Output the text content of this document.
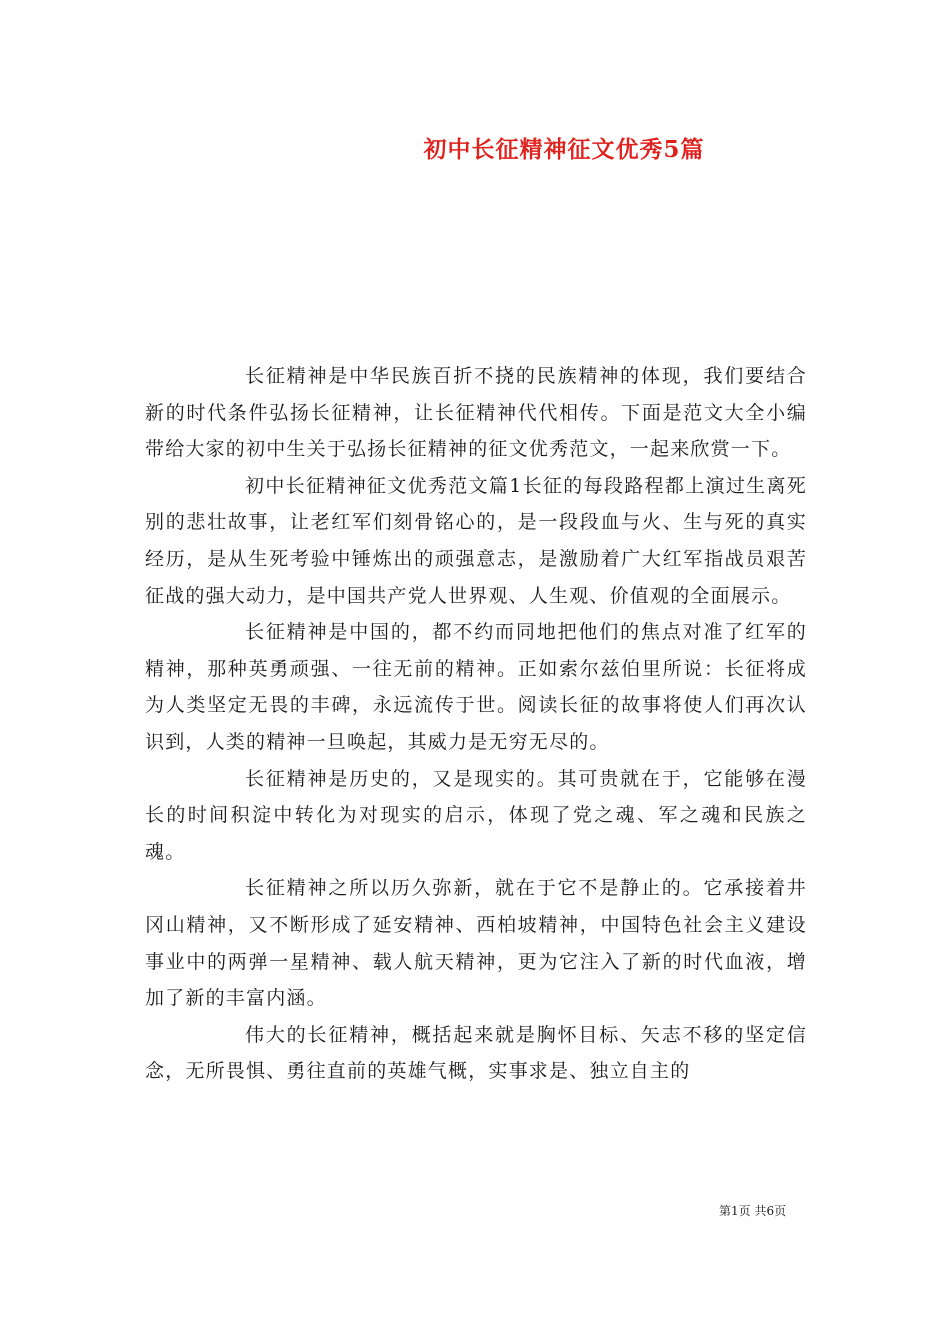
初中长征精神征文优秀5篇

长征精神是中华民族百折不挠的民族精神的体现，我们要结合新的时代条件弘扬长征精神，让长征精神代代相传。下面是范文大全小编带给大家的初中生关于弘扬长征精神的征文优秀范文，一起来欣赏一下。

初中长征精神征文优秀范文篇1长征的每段路程都上演过生离死别的悲壮故事，让老红军们刻骨铭心的，是一段段血与火、生与死的真实经历，是从生死考验中锤炼出的顽强意志，是激励着广大红军指战员艰苦征战的强大动力，是中国共产党人世界观、人生观、价值观的全面展示。

长征精神是中国的，都不约而同地把他们的焦点对准了红军的精神，那种英勇顽强、一往无前的精神。正如索尔兹伯里所说：长征将成为人类坚定无畏的丰碑，永远流传于世。阅读长征的故事将使人们再次认识到，人类的精神一旦唤起，其威力是无穷无尽的。

长征精神是历史的，又是现实的。其可贵就在于，它能够在漫长的时间积淀中转化为对现实的启示，体现了党之魂、军之魂和民族之魂。

长征精神之所以历久弥新，就在于它不是静止的。它承接着井冈山精神，又不断形成了延安精神、西柏坡精神，中国特色社会主义建设事业中的两弹一星精神、载人航天精神，更为它注入了新的时代血液，增加了新的丰富内涵。

伟大的长征精神，概括起来就是胸怀目标、矢志不移的坚定信念，无所畏惧、勇往直前的英雄气概，实事求是、独立自主的

第1页 共6页
